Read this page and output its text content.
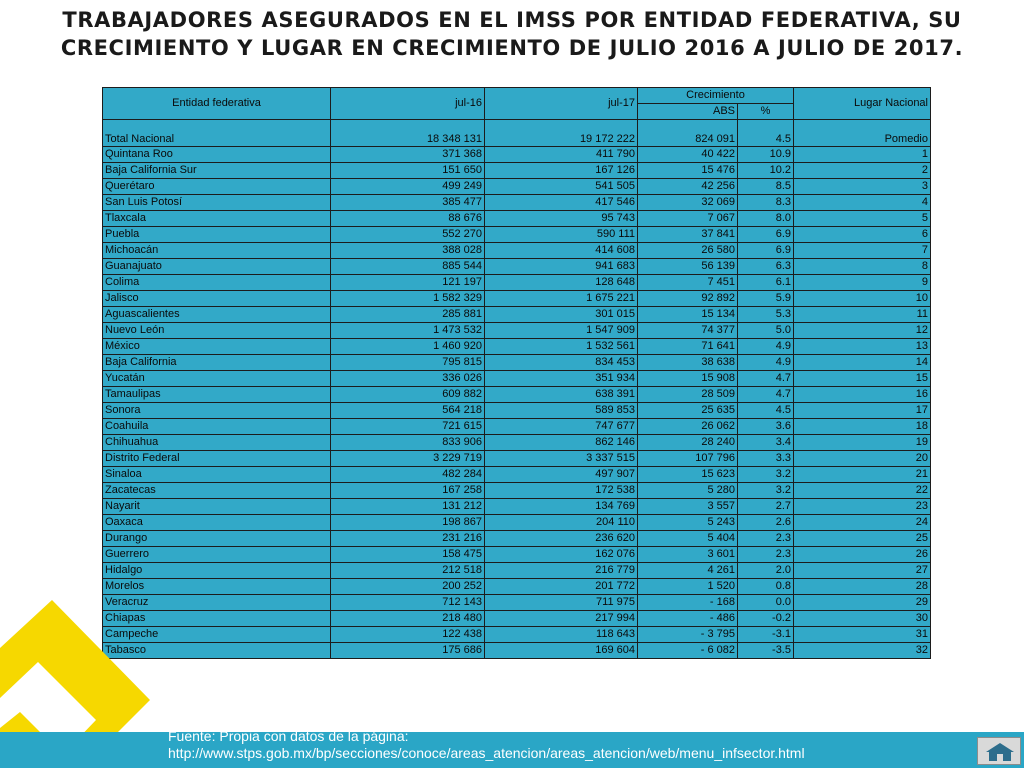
TRABAJADORES ASEGURADOS EN EL IMSS POR ENTIDAD FEDERATIVA, SU
CRECIMIENTO Y LUGAR EN CRECIMIENTO DE JULIO 2016 A JULIO DE 2017.
Entidad federativa	jul-16	jul-17	Crecimiento		Lugar Nacional
			ABS	%	
Total Nacional	18 348 131	19 172 222	824 091	4.5	Pomedio
Quintana Roo	371 368	411 790	40 422	10.9	1
Baja California Sur	151 650	167 126	15 476	10.2	2
Querétaro	499 249	541 505	42 256	8.5	3
San Luis Potosí	385 477	417 546	32 069	8.3	4
Tlaxcala	88 676	95 743	7 067	8.0	5
Puebla	552 270	590 111	37 841	6.9	6
Michoacán	388 028	414 608	26 580	6.9	7
Guanajuato	885 544	941 683	56 139	6.3	8
Colima	121 197	128 648	7 451	6.1	9
Jalisco	1 582 329	1 675 221	92 892	5.9	10
Aguascalientes	285 881	301 015	15 134	5.3	11
Nuevo León	1 473 532	1 547 909	74 377	5.0	12
México	1 460 920	1 532 561	71 641	4.9	13
Baja California	795 815	834 453	38 638	4.9	14
Yucatán	336 026	351 934	15 908	4.7	15
Tamaulipas	609 882	638 391	28 509	4.7	16
Sonora	564 218	589 853	25 635	4.5	17
Coahuila	721 615	747 677	26 062	3.6	18
Chihuahua	833 906	862 146	28 240	3.4	19
Distrito Federal	3 229 719	3 337 515	107 796	3.3	20
Sinaloa	482 284	497 907	15 623	3.2	21
Zacatecas	167 258	172 538	5 280	3.2	22
Nayarit	131 212	134 769	3 557	2.7	23
Oaxaca	198 867	204 110	5 243	2.6	24
Durango	231 216	236 620	5 404	2.3	25
Guerrero	158 475	162 076	3 601	2.3	26
Hidalgo	212 518	216 779	4 261	2.0	27
Morelos	200 252	201 772	1 520	0.8	28
Veracruz	712 143	711 975	- 168	0.0	29
Chiapas	218 480	217 994	- 486	-0.2	30
Campeche	122 438	118 643	- 3 795	-3.1	31
Tabasco	175 686	169 604	- 6 082	-3.5	32
Fuente: Propia con datos de la página:
http://www.stps.gob.mx/bp/secciones/conoce/areas_atencion/areas_atencion/web/menu_infsector.html
